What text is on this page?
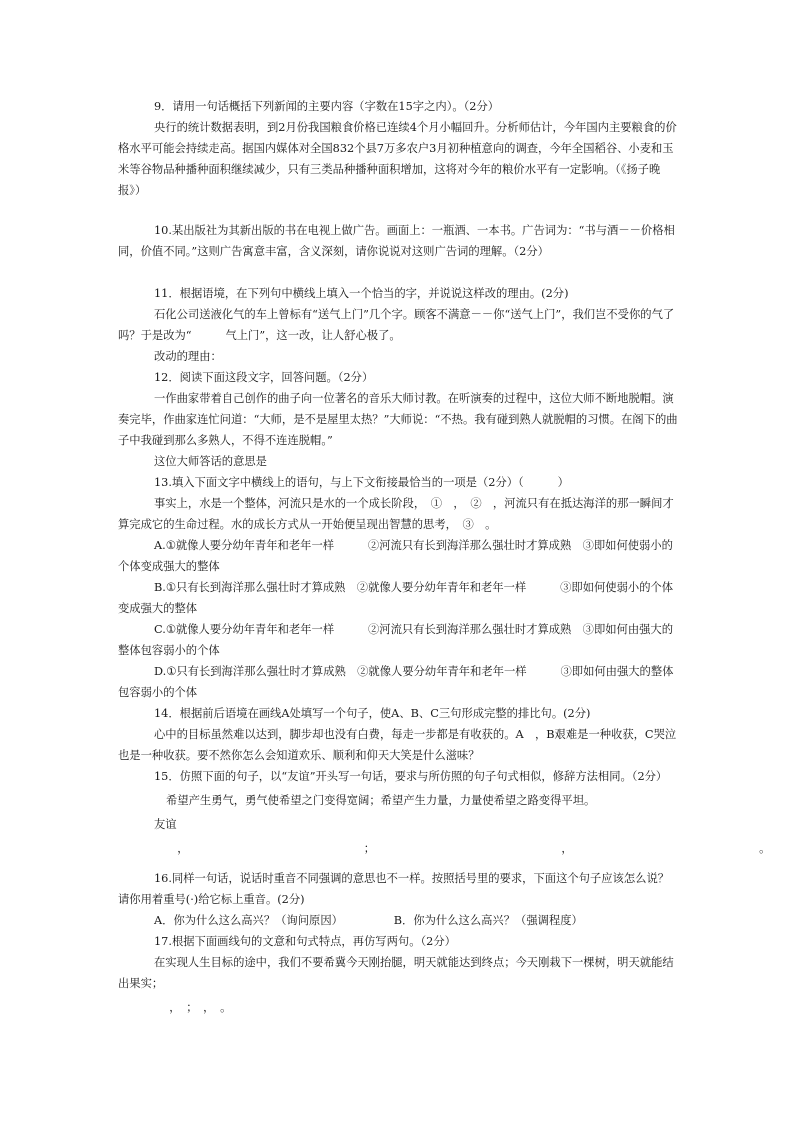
9．请用一句话概括下列新闻的主要内容（字数在15字之内）。（2分）

央行的统计数据表明，到2月份我国粮食价格已连续4个月小幅回升。分析师估计，今年国内主要粮食的价格水平可能会持续走高。据国内媒体对全国832个县7万多农户3月初种植意向的调查，今年全国稻谷、小麦和玉米等谷物品种播种面积继续减少，只有三类品种播种面积增加，这将对今年的粮价水平有一定影响。（《扬子晚报》）

10.某出版社为其新出版的书在电视上做广告。画面上：一瓶酒、一本书。广告词为：“书与酒－－价格相同，价值不同。”这则广告寓意丰富，含义深刻，请你说说对这则广告词的理解。（2分）

11．根据语境，在下列句中横线上填入一个恰当的字，并说说这样改的理由。(2分)

石化公司送液化气的车上曾标有“送气上门”几个字。顾客不满意－－你“送气上门”，我们岂不受你的气了吗？于是改为“　　　气上门”，这一改，让人舒心极了。

改动的理由：

12．阅读下面这段文字，回答问题。（2分）

一作曲家带着自己创作的曲子向一位著名的音乐大师讨教。在听演奏的过程中，这位大师不断地脱帽。演奏完毕，作曲家连忙问道：“大师，是不是屋里太热？”大师说：“不热。我有碰到熟人就脱帽的习惯。在阁下的曲子中我碰到那么多熟人，不得不连连脱帽。”

这位大师答话的意思是

13.填入下面文字中横线上的语句，与上下文衔接最恰当的一项是（2分）（　　　）

事实上，水是一个整体，河流只是水的一个成长阶段，　①　，　②　，河流只有在抵达海洋的那一瞬间才算完成它的生命过程。水的成长方式从一开始便呈现出智慧的思考，　③　。

A.①就像人要分幼年青年和老年一样　　　②河流只有长到海洋那么强壮时才算成熟　③即如何使弱小的个体变成强大的整体

B.①只有长到海洋那么强壮时才算成熟　②就像人要分幼年青年和老年一样　　　③即如何使弱小的个体变成强大的整体

C.①就像人要分幼年青年和老年一样　　　②河流只有长到海洋那么强壮时才算成熟　③即如何由强大的整体包容弱小的个体

D.①只有长到海洋那么强壮时才算成熟　②就像人要分幼年青年和老年一样　　　③即如何由强大的整体包容弱小的个体

14．根据前后语境在画线A处填写一个句子，使A、B、C三句形成完整的排比句。(2分)

心中的目标虽然难以达到，脚步却也没有白费，每走一步都是有收获的。A　，B艰难是一种收获，C哭泣也是一种收获。要不然你怎么会知道欢乐、顺利和仰天大笑是什么滋味？

15．仿照下面的句子，以“友谊”开头写一句话，要求与所仿照的句子句式相似，修辞方法相同。（2分）

希望产生勇气，勇气使希望之门变得宽阔；希望产生力量，力量使希望之路变得平坦。

友谊

　，　　　　　　　　　　　　　　　　；　　　　　　　　　　　　　　　　　，　　　　　　　　　　　　　　　　　。

16.同样一句话，说话时重音不同强调的意思也不一样。按照括号里的要求，下面这个句子应该怎么说？请你用着重号(·)给它标上重音。(2分)

A．你为什么这么高兴？（询问原因）　　　　　B．你为什么这么高兴？（强调程度）

17.根据下面画线句的文意和句式特点，再仿写两句。（2分）

在实现人生目标的途中，我们不要希冀今天刚抬腿，明天就能达到终点；今天刚栽下一棵树，明天就能结出果实；

　，　；　，　。
